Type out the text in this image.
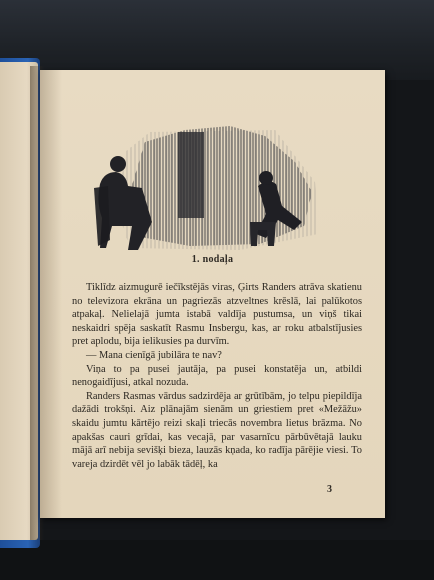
1. nodaļa

Tiklīdz aizmugurē iečīkstējās viras, Ģirts Randers atrāva skatienu no televizora ekrāna un pagriezās atzveltnes krēslā, lai palūkotos atpakaļ. Nelielajā jumta istabā valdīja pustumsa, un viņš tikai neskaidri spēja saskatīt Rasmu Insbergu, kas, ar roku atbalstījusies pret aplodu, bija ielikusies pa durvīm.

— Mana cienīgā jubilāra te nav?

Viņa to pa pusei jautāja, pa pusei konstatēja un, atbildi nenogaidījusi, atkal nozuda.

Randers Rasmas vārdus sadzirdēja ar grūtībām, jo telpu piepildīja dažādi trokšņi. Aiz plānajām sienām un griestiem pret «Mežāžu» skaidu jumtu kārtējo reizi skaļi triecās novembra lietus brāzma. No apakšas cauri grīdai, kas vecajā, par vasarnīcu pārbūvētajā lauku mājā arī nebija sevišķi bieza, lauzās kņada, ko radīja pārējie viesi. To vareja dzirdēt vēl jo labāk tādēļ, ka

3
